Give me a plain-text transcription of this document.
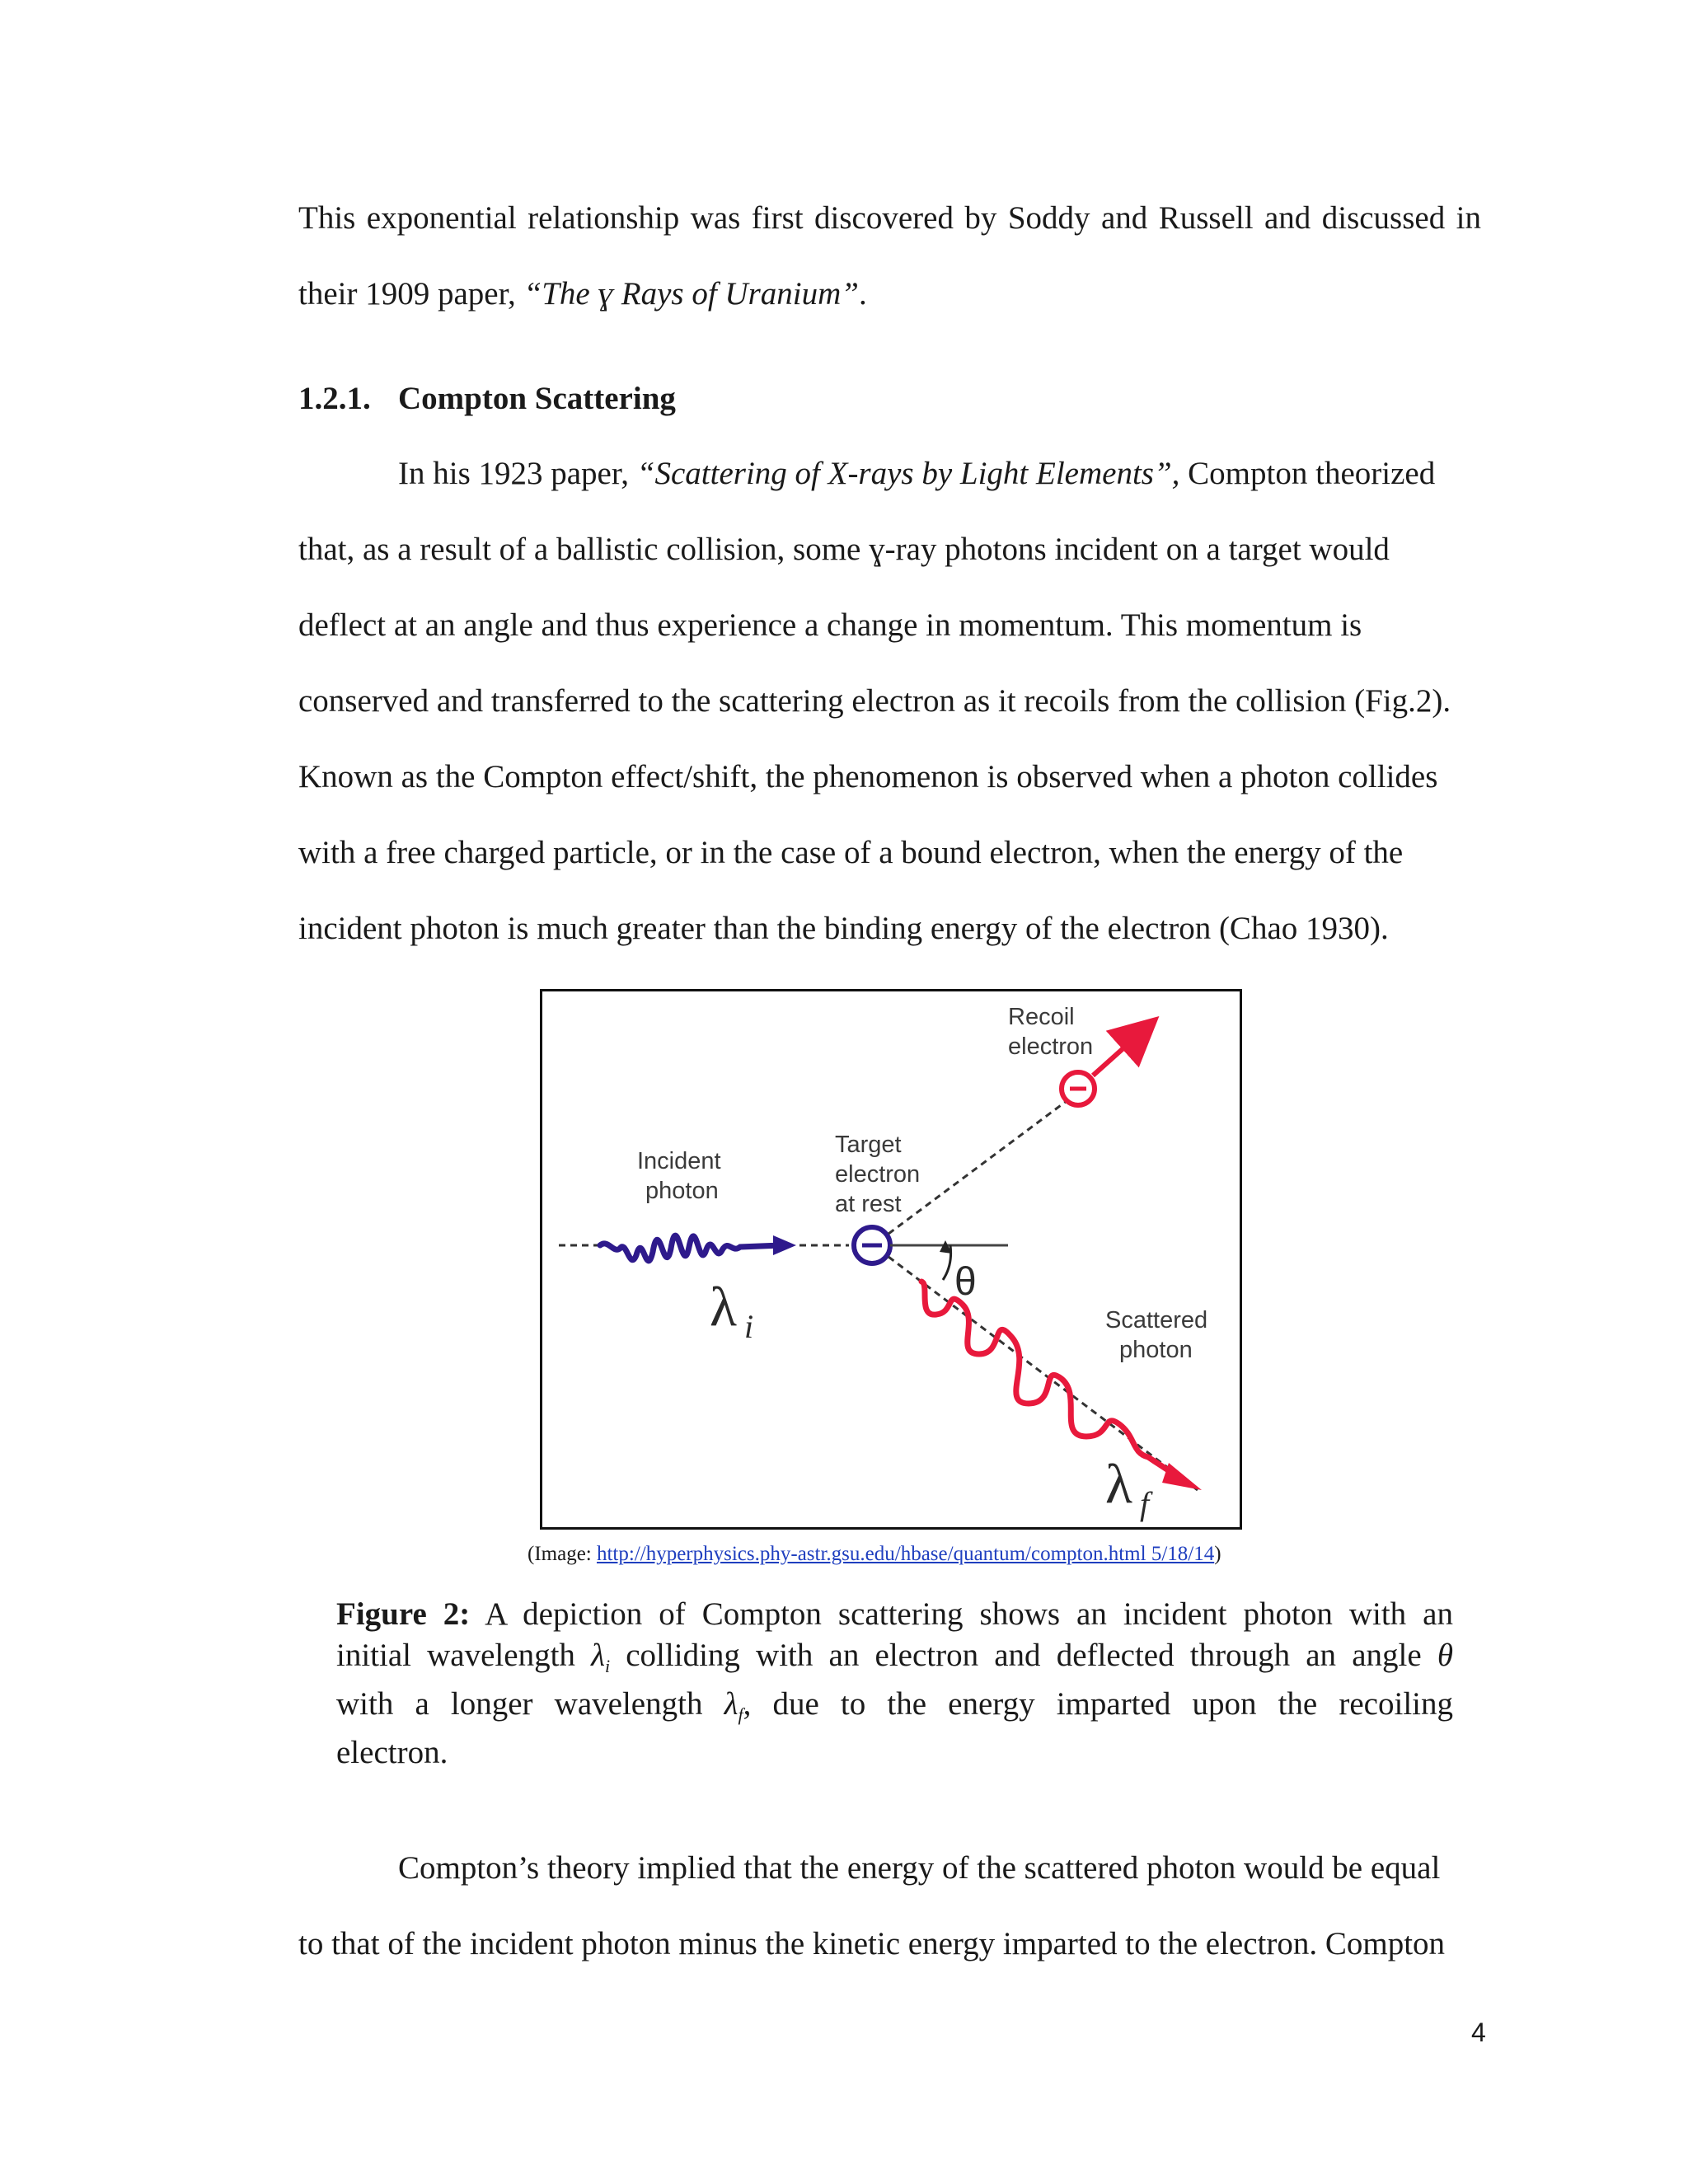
This exponential relationship was first discovered by Soddy and Russell and discussed in
their 1909 paper, “The ɣ Rays of Uranium”.
1.2.1. Compton Scattering
In his 1923 paper, “Scattering of X-rays by Light Elements”, Compton theorized
that, as a result of a ballistic collision, some ɣ-ray photons incident on a target would
deflect at an angle and thus experience a change in momentum. This momentum is
conserved and transferred to the scattering electron as it recoils from the collision (Fig.2).
Known as the Compton effect/shift, the phenomenon is observed when a photon collides
with a free charged particle, or in the case of a bound electron, when the energy of the
incident photon is much greater than the binding energy of the electron (Chao 1930).
Recoil
electron
Target
electron
at rest
Incident
photon
Scattered
photon
λ i
θ
λ f
(Image: http://hyperphysics.phy-astr.gsu.edu/hbase/quantum/compton.html 5/18/14)
Figure 2: A depiction of Compton scattering shows an incident photon with an
initial wavelength $\lambda_i$ colliding with an electron and deflected through an angle θ
with a longer wavelength $\lambda_f$, due to the energy imparted upon the recoiling
electron.
Compton’s theory implied that the energy of the scattered photon would be equal
to that of the incident photon minus the kinetic energy imparted to the electron. Compton
4
